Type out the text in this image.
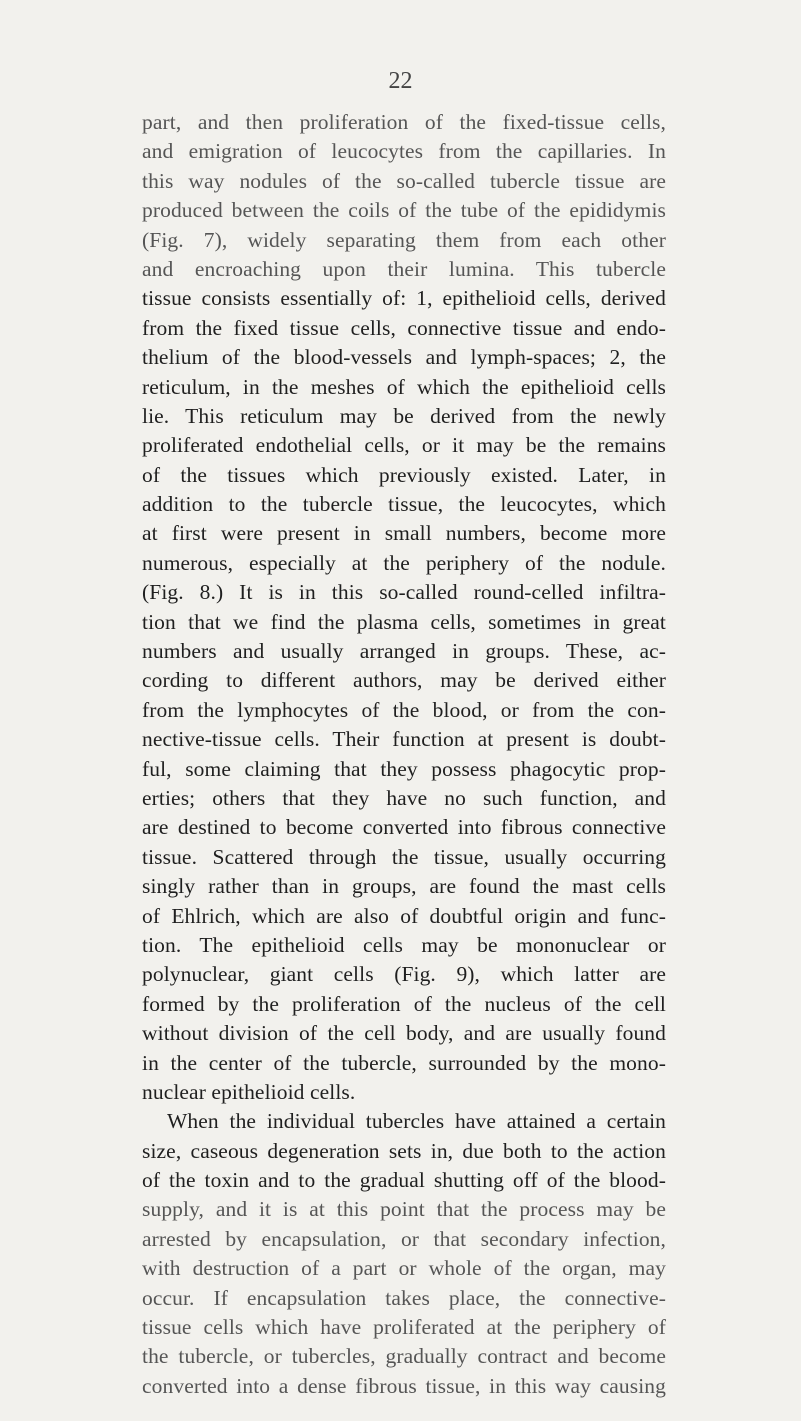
22
part, and then proliferation of the fixed-tissue cells,
and emigration of leucocytes from the capillaries. In
this way nodules of the so-called tubercle tissue are
produced between the coils of the tube of the epididymis
(Fig. 7), widely separating them from each other
and encroaching upon their lumina. This tubercle
tissue consists essentially of: 1, epithelioid cells, derived
from the fixed tissue cells, connective tissue and endo-
thelium of the blood-vessels and lymph-spaces; 2, the
reticulum, in the meshes of which the epithelioid cells
lie. This reticulum may be derived from the newly
proliferated endothelial cells, or it may be the remains
of the tissues which previously existed. Later, in
addition to the tubercle tissue, the leucocytes, which
at first were present in small numbers, become more
numerous, especially at the periphery of the nodule.
(Fig. 8.) It is in this so-called round-celled infiltra-
tion that we find the plasma cells, sometimes in great
numbers and usually arranged in groups. These, ac-
cording to different authors, may be derived either
from the lymphocytes of the blood, or from the con-
nective-tissue cells. Their function at present is doubt-
ful, some claiming that they possess phagocytic prop-
erties; others that they have no such function, and
are destined to become converted into fibrous connective
tissue. Scattered through the tissue, usually occurring
singly rather than in groups, are found the mast cells
of Ehlrich, which are also of doubtful origin and func-
tion. The epithelioid cells may be mononuclear or
polynuclear, giant cells (Fig. 9), which latter are
formed by the proliferation of the nucleus of the cell
without division of the cell body, and are usually found
in the center of the tubercle, surrounded by the mono-
nuclear epithelioid cells.
When the individual tubercles have attained a certain
size, caseous degeneration sets in, due both to the action
of the toxin and to the gradual shutting off of the blood-
supply, and it is at this point that the process may be
arrested by encapsulation, or that secondary infection,
with destruction of a part or whole of the organ, may
occur. If encapsulation takes place, the connective-
tissue cells which have proliferated at the periphery of
the tubercle, or tubercles, gradually contract and become
converted into a dense fibrous tissue, in this way causing
